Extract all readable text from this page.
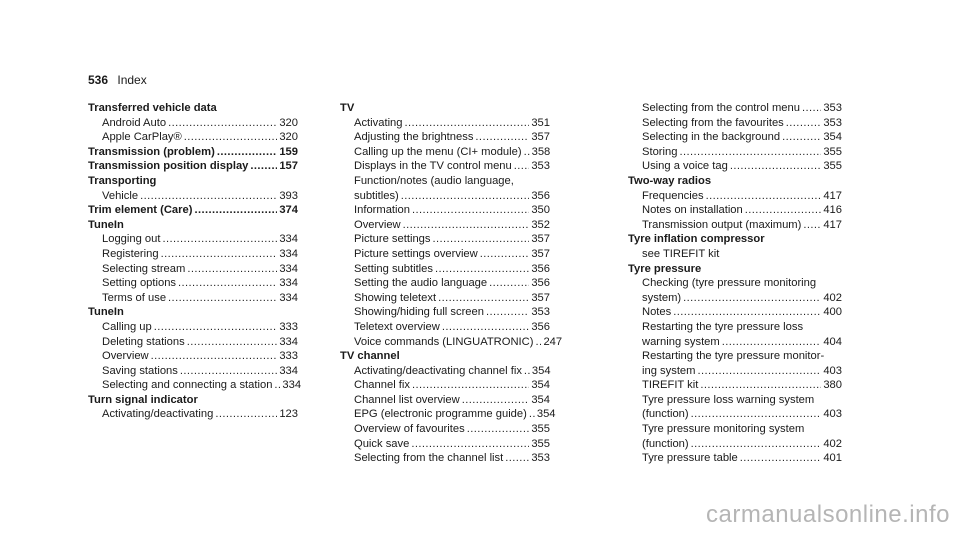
536 Index
Transferred vehicle data
Android Auto .....	320
Apple CarPlay® .....	320
Transmission (problem) .....	159
Transmission position display .....	157
Transporting
Vehicle .....	393
Trim element (Care) .....	374
TuneIn
Logging out .....	334
Registering .....	334
Selecting stream .....	334
Setting options .....	334
Terms of use .....	334
TuneIn
Calling up .....	333
Deleting stations .....	334
Overview .....	333
Saving stations .....	334
Selecting and connecting a station ..... 334
Turn signal indicator
Activating/deactivating .....	123
TV
Activating .....	351
Adjusting the brightness .....	357
Calling up the menu (CI+ module) ..... 358
Displays in the TV control menu ..... 353
Function/notes (audio language,
subtitles) .....	356
Information .....	350
Overview .....	352
Picture settings .....	357
Picture settings overview .....	357
Setting subtitles .....	356
Setting the audio language .....	356
Showing teletext .....	357
Showing/hiding full screen .....	353
Teletext overview .....	356
Voice commands (LINGUATRONIC) ..... 247
TV channel
Activating/deactivating channel fix ..... 354
Channel fix .....	354
Channel list overview .....	354
EPG (electronic programme guide) ..... 354
Overview of favourites .....	355
Quick save .....	355
Selecting from the channel list .....	353
Selecting from the control menu ..... 353
Selecting from the favourites .....	353
Selecting in the background .....	354
Storing .....	355
Using a voice tag .....	355
Two-way radios
Frequencies .....	417
Notes on installation .....	416
Transmission output (maximum) ..... 417
Tyre inflation compressor
see TIREFIT kit
Tyre pressure
Checking (tyre pressure monitoring
system) .....	402
Notes .....	400
Restarting the tyre pressure loss
warning system .....	404
Restarting the tyre pressure monitor-
ing system .....	403
TIREFIT kit .....	380
Tyre pressure loss warning system
(function) .....	403
Tyre pressure monitoring system
(function) .....	402
Tyre pressure table .....	401
carmanualsonline.info
